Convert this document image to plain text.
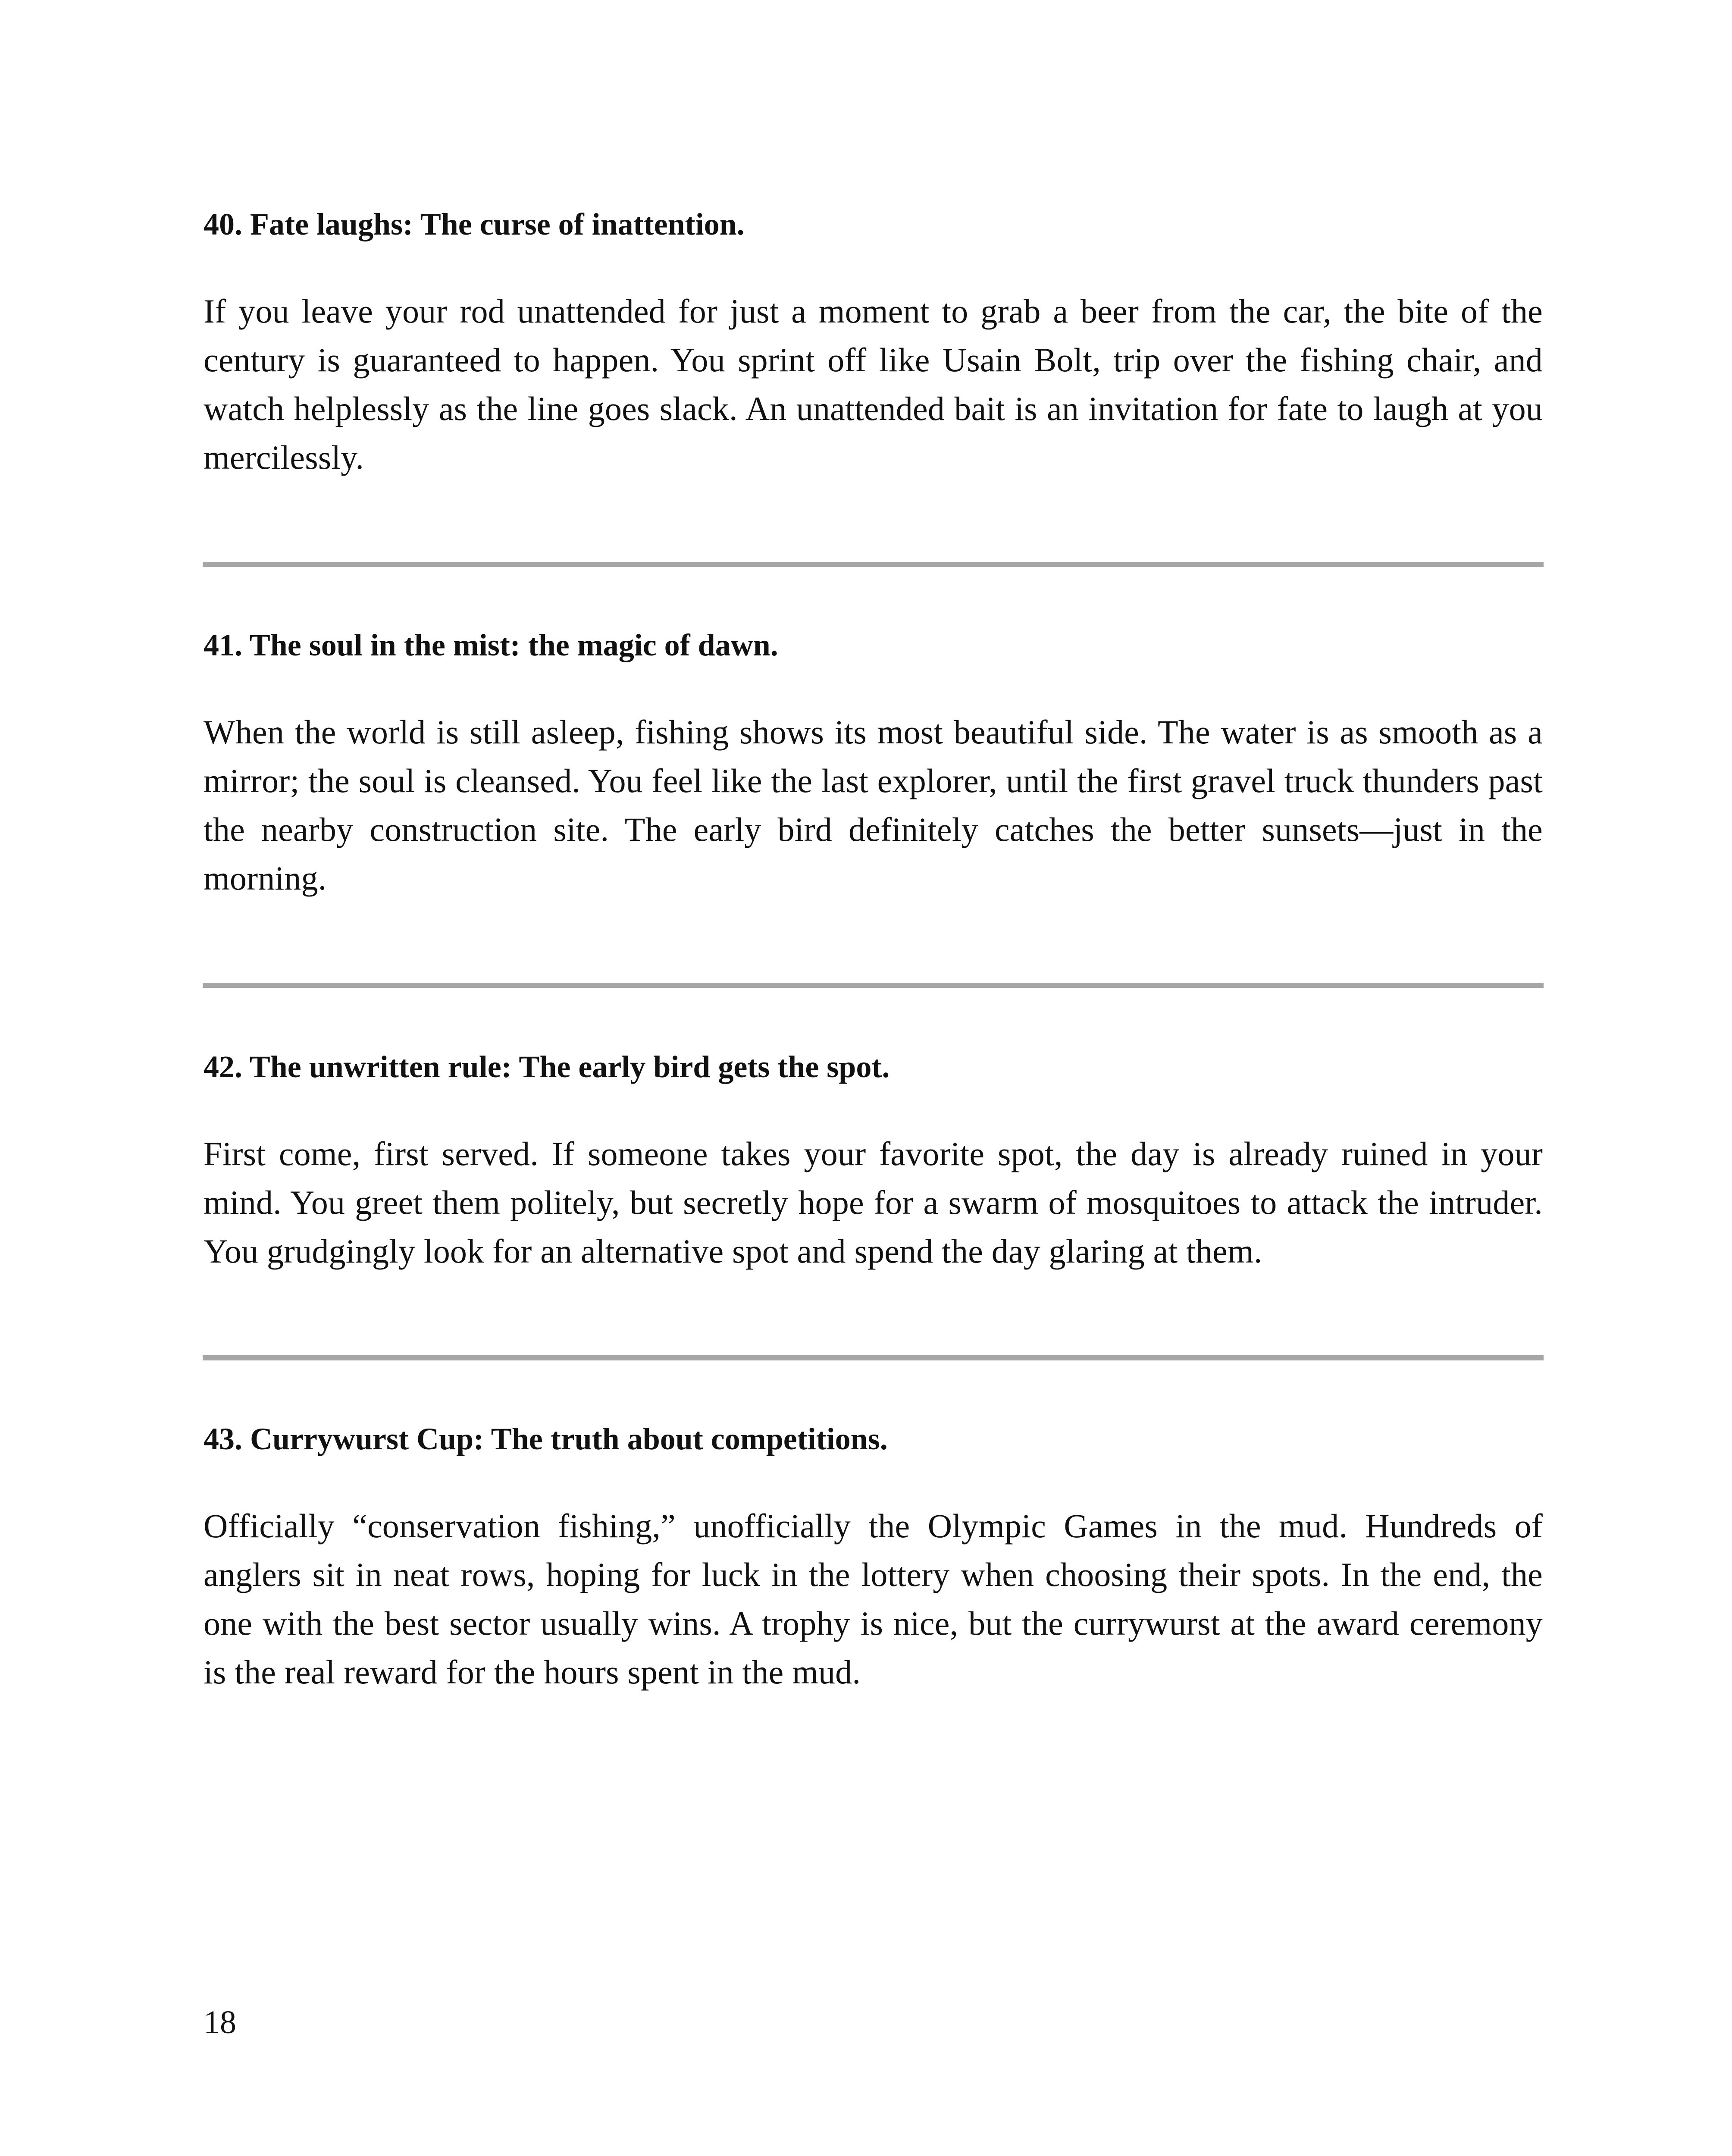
40. Fate laughs: The curse of inattention.

If you leave your rod unattended for just a moment to grab a beer from the car, the bite of the century is guaranteed to happen. You sprint off like Usain Bolt, trip over the fishing chair, and watch helplessly as the line goes slack. An unattended bait is an invitation for fate to laugh at you mercilessly.

41. The soul in the mist: the magic of dawn.

When the world is still asleep, fishing shows its most beautiful side. The water is as smooth as a mirror; the soul is cleansed. You feel like the last explorer, until the first gravel truck thunders past the nearby construction site. The early bird definitely catches the better sunsets—just in the morning.

42. The unwritten rule: The early bird gets the spot.

First come, first served. If someone takes your favorite spot, the day is already ruined in your mind. You greet them politely, but secretly hope for a swarm of mosquitoes to attack the intruder. You grudgingly look for an alternative spot and spend the day glaring at them.

43. Currywurst Cup: The truth about competitions.

Officially “conservation fishing,” unofficially the Olympic Games in the mud. Hundreds of anglers sit in neat rows, hoping for luck in the lottery when choosing their spots. In the end, the one with the best sector usually wins. A trophy is nice, but the currywurst at the award ceremony is the real reward for the hours spent in the mud.

18
